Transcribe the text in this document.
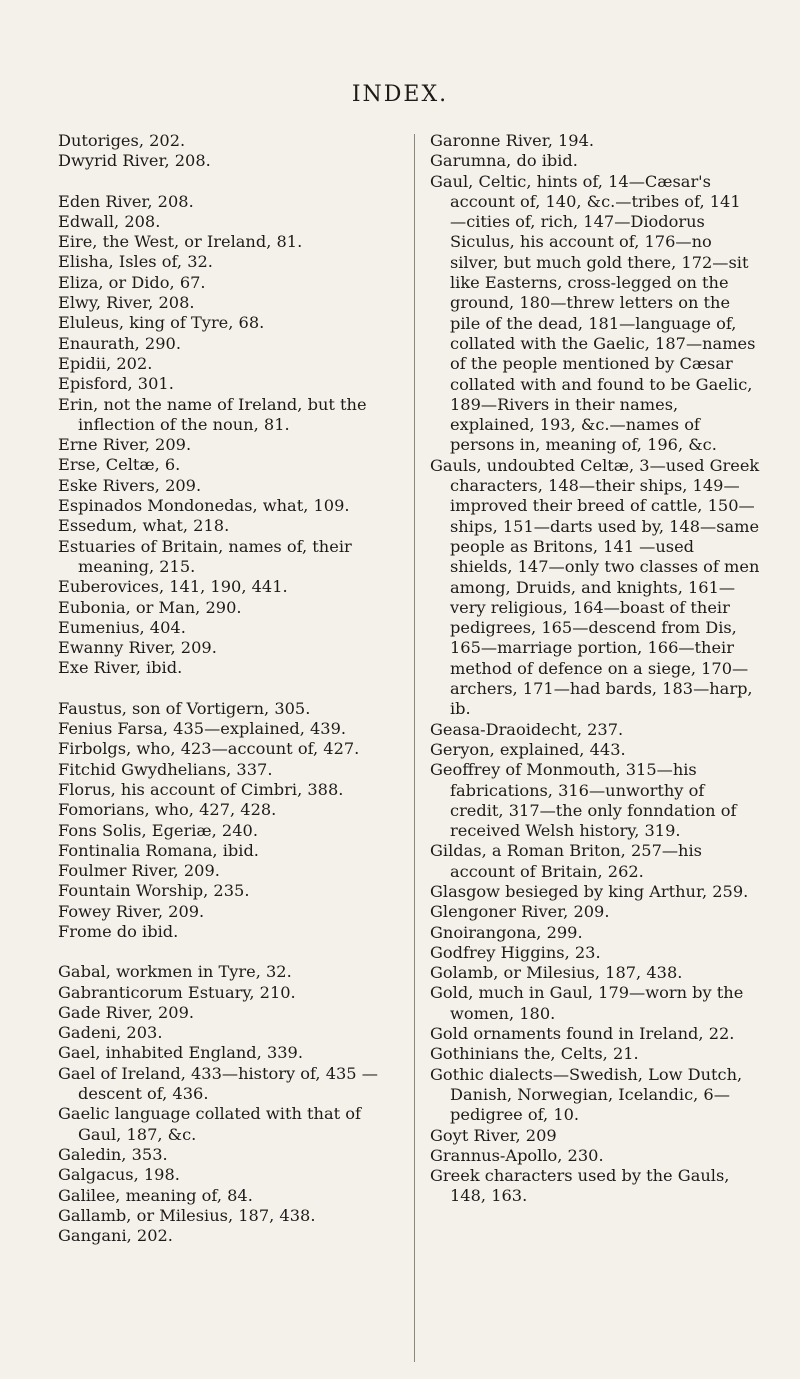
INDEX.

Dutoriges, 202.

Dwyrid River, 208.

Eden River, 208.

Edwall, 208.

Eire, the West, or Ireland, 81.

Elisha, Isles of, 32.

Eliza, or Dido, 67.

Elwy, River, 208.

Eluleus, king of Tyre, 68.

Enaurath, 290.

Epidii, 202.

Episford, 301.

Erin, not the name of Ireland, but the inflection of the noun, 81.

Erne River, 209.

Erse, Celtæ, 6.

Eske Rivers, 209.

Espinados Mondonedas, what, 109.

Essedum, what, 218.

Estuaries of Britain, names of, their meaning, 215.

Euberovices, 141, 190, 441.

Eubonia, or Man, 290.

Eumenius, 404.

Ewanny River, 209.

Exe River, ibid.

Faustus, son of Vortigern, 305.

Fenius Farsa, 435—explained, 439.

Firbolgs, who, 423—account of, 427.

Fitchid Gwydhelians, 337.

Florus, his account of Cimbri, 388.

Fomorians, who, 427, 428.

Fons Solis, Egeriæ, 240.

Fontinalia Romana, ibid.

Foulmer River, 209.

Fountain Worship, 235.

Fowey River, 209.

Frome do ibid.

Gabal, workmen in Tyre, 32.

Gabranticorum Estuary, 210.

Gade River, 209.

Gadeni, 203.

Gael, inhabited England, 339.

Gael of Ireland, 433—history of, 435 —descent of, 436.

Gaelic language collated with that of Gaul, 187, &c.

Galedin, 353.

Galgacus, 198.

Galilee, meaning of, 84.

Gallamb, or Milesius, 187, 438.

Gangani, 202.

Garonne River, 194.

Garumna, do ibid.

Gaul, Celtic, hints of, 14—Cæsar's account of, 140, &c.—tribes of, 141 —cities of, rich, 147—Diodorus Siculus, his account of, 176—no silver, but much gold there, 172—sit like Easterns, cross-legged on the ground, 180—threw letters on the pile of the dead, 181—language of, collated with the Gaelic, 187—names of the people mentioned by Cæsar collated with and found to be Gaelic, 189—Rivers in their names, explained, 193, &c.—names of persons in, meaning of, 196, &c.

Gauls, undoubted Celtæ, 3—used Greek characters, 148—their ships, 149—improved their breed of cattle, 150—ships, 151—darts used by, 148—same people as Britons, 141 —used shields, 147—only two classes of men among, Druids, and knights, 161—very religious, 164—boast of their pedigrees, 165—descend from Dis, 165—marriage portion, 166—their method of defence on a siege, 170—archers, 171—had bards, 183—harp, ib.

Geasa-Draoidecht, 237.

Geryon, explained, 443.

Geoffrey of Monmouth, 315—his fabrications, 316—unworthy of credit, 317—the only fonndation of received Welsh history, 319.

Gildas, a Roman Briton, 257—his account of Britain, 262.

Glasgow besieged by king Arthur, 259.

Glengoner River, 209.

Gnoirangona, 299.

Godfrey Higgins, 23.

Golamb, or Milesius, 187, 438.

Gold, much in Gaul, 179—worn by the women, 180.

Gold ornaments found in Ireland, 22.

Gothinians the, Celts, 21.

Gothic dialects—Swedish, Low Dutch, Danish, Norwegian, Icelandic, 6— pedigree of, 10.

Goyt River, 209

Grannus-Apollo, 230.

Greek characters used by the Gauls, 148, 163.
